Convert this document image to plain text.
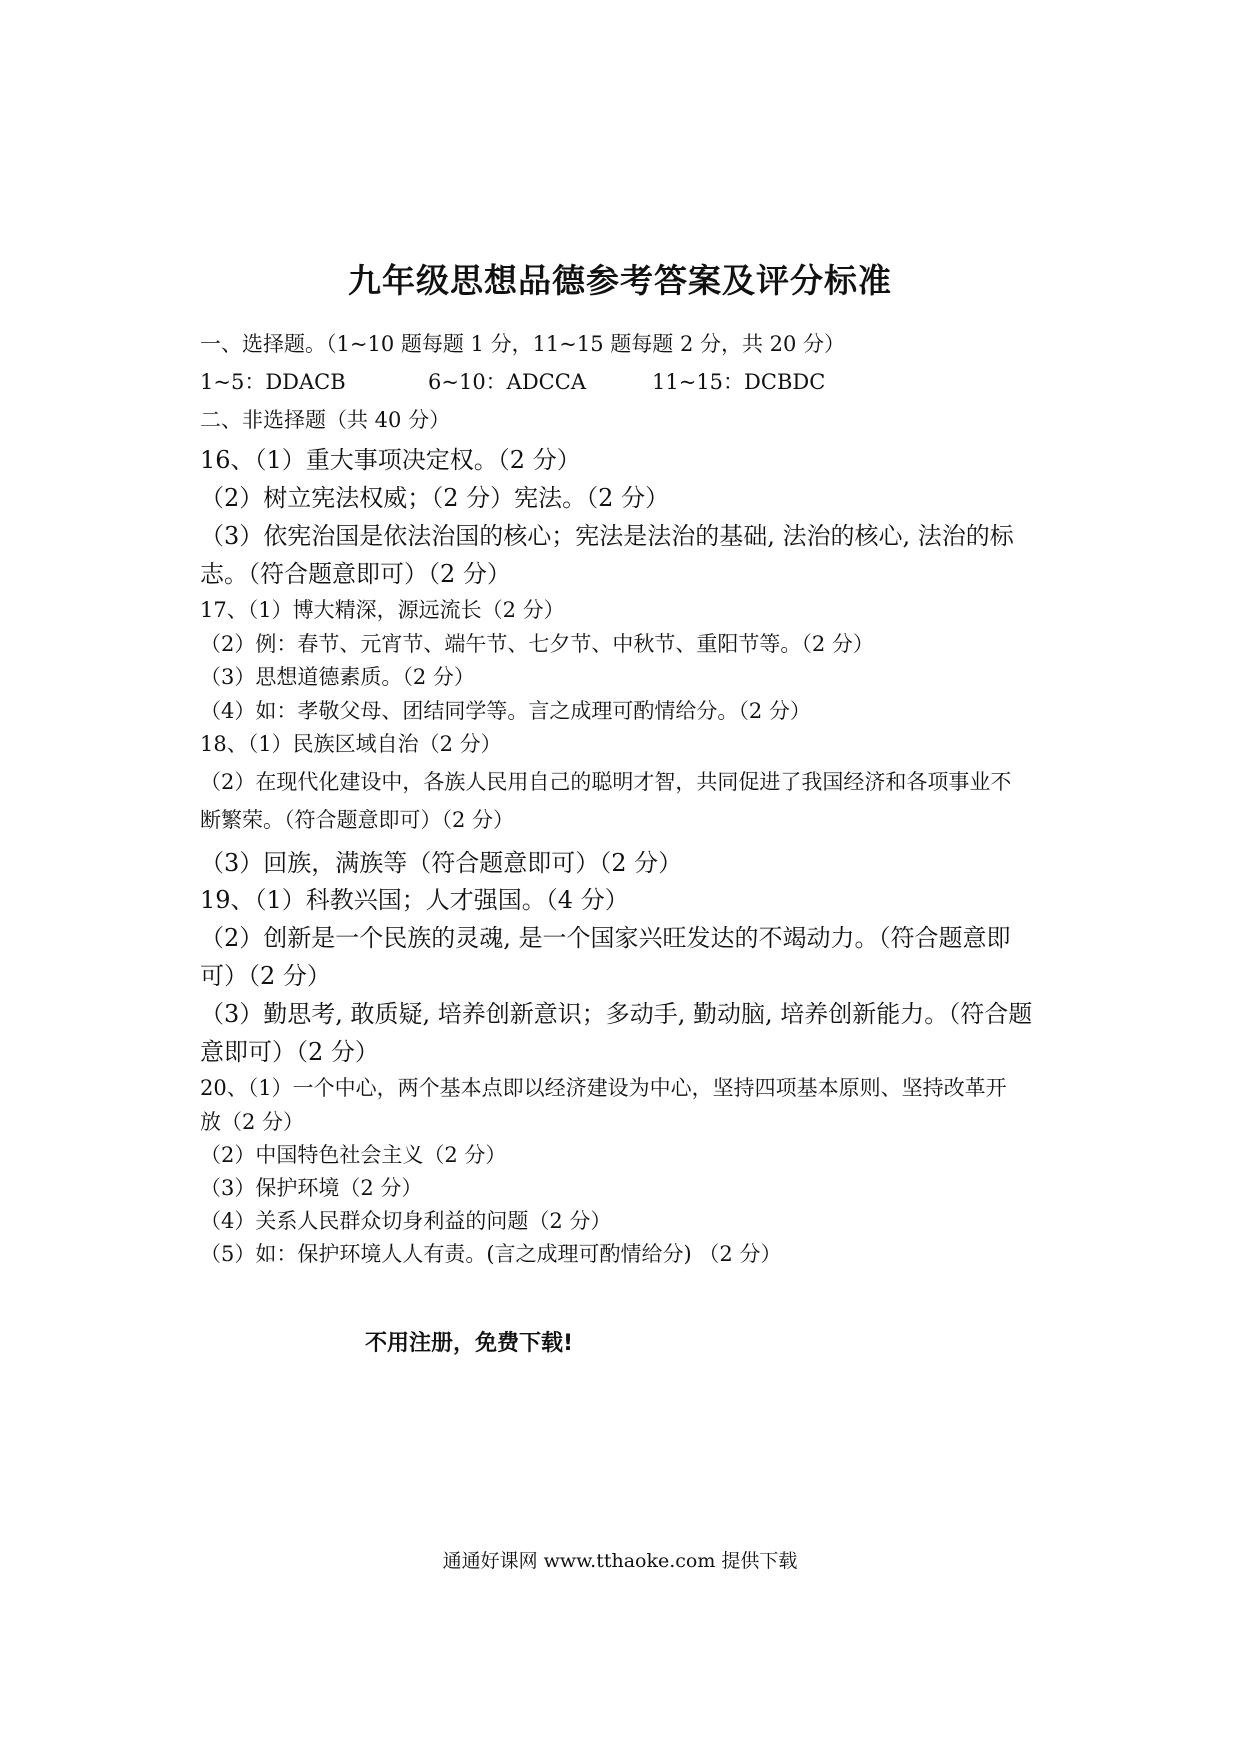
九年级思想品德参考答案及评分标准
一、选择题。（1~10 题每题 1 分，11~15 题每题 2 分，共 20 分）
1~5：DDACB	6~10：ADCCA	11~15：DCBDC
二、非选择题（共 40 分）
16、（1）重大事项决定权。（2 分）
（2）树立宪法权威；（2 分）宪法。（2 分）
（3）依宪治国是依法治国的核心；宪法是法治的基础, 法治的核心, 法治的标
志。（符合题意即可）（2 分）
17、（1）博大精深，源远流长（2 分）
（2）例：春节、元宵节、端午节、七夕节、中秋节、重阳节等。（2 分）
（3）思想道德素质。（2 分）
（4）如：孝敬父母、团结同学等。言之成理可酌情给分。（2 分）
18、（1）民族区域自治（2 分）
（2）在现代化建设中，各族人民用自己的聪明才智，共同促进了我国经济和各项事业不
断繁荣。（符合题意即可）（2 分）
（3）回族，满族等（符合题意即可）（2 分）
19、（1）科教兴国；人才强国。（4 分）
（2）创新是一个民族的灵魂, 是一个国家兴旺发达的不竭动力。（符合题意即
可）（2 分）
（3）勤思考, 敢质疑, 培养创新意识；多动手, 勤动脑, 培养创新能力。（符合题
意即可）（2 分）
20、（1）一个中心，两个基本点即以经济建设为中心，坚持四项基本原则、坚持改革开
放（2 分）
（2）中国特色社会主义（2 分）
（3）保护环境（2 分）
（4）关系人民群众切身利益的问题（2 分）
（5）如：保护环境人人有责。(言之成理可酌情给分) （2 分）
不用注册，免费下载!
通通好课网 www.tthaoke.com 提供下载
